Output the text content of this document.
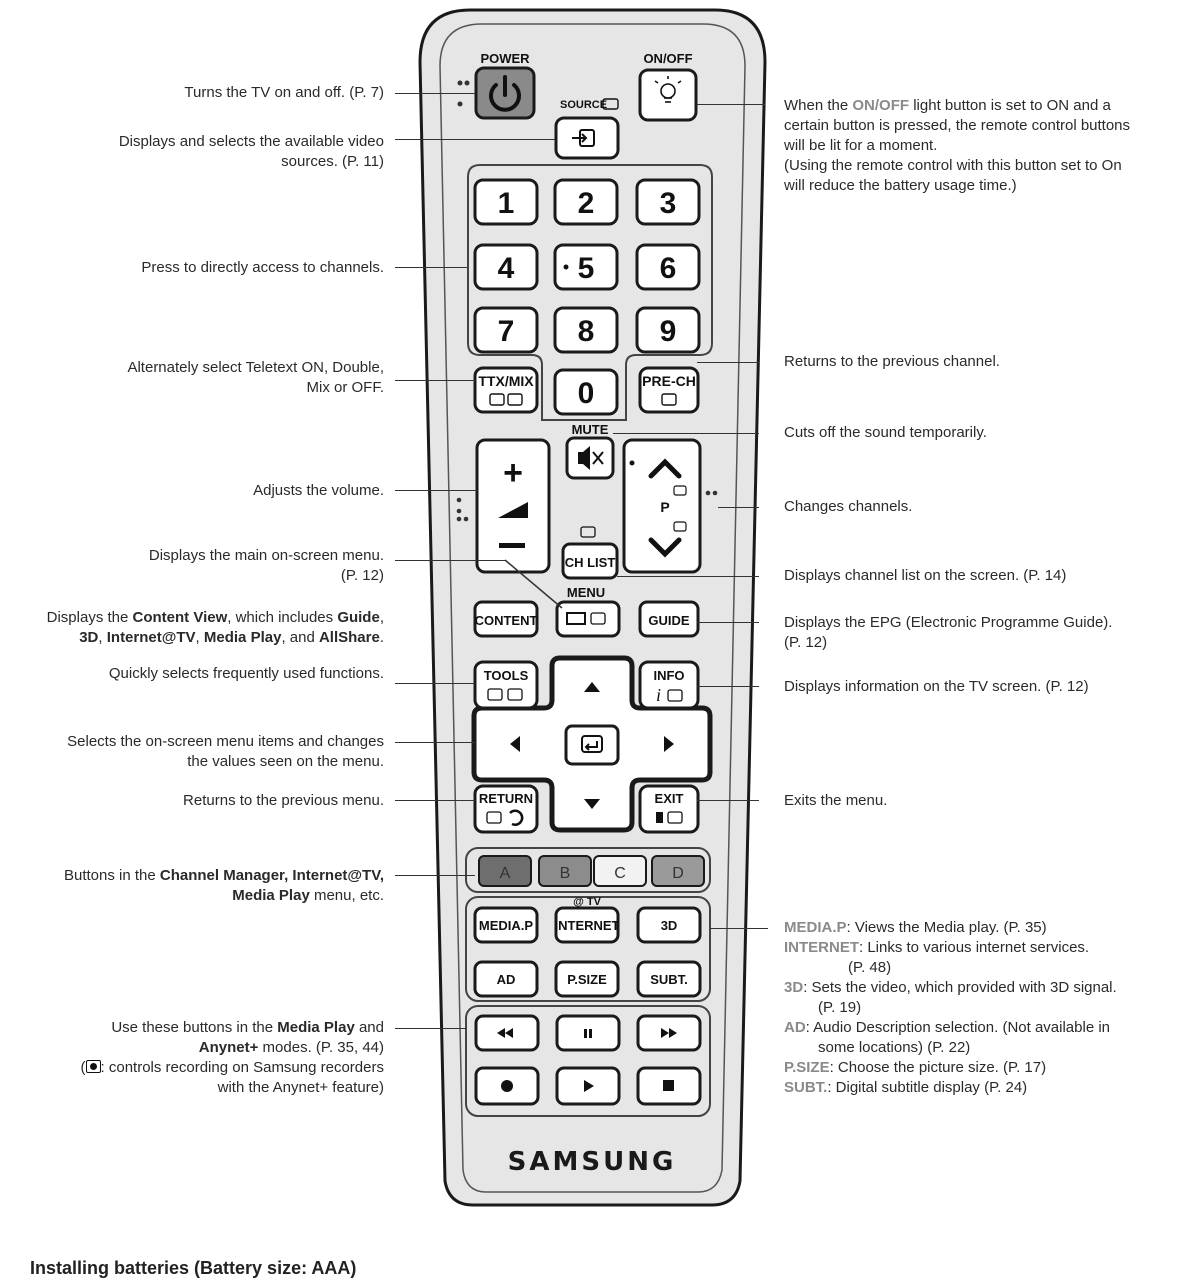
POWER	ON/OFF
SOURCE
1 2 3
4 5 6
7 8 9
0
TTX/MIX	PRE-CH
+
MUTE
P
CH LIST
MENU
CONTENT	GUIDE
TOOLS	INFO
i
RETURN	EXIT
A	B	C	D
@ TV
MEDIA.P INTERNET	3D
AD	P.SIZE	SUBT.
SAMSUNG
Turns the TV on and off. (P. 7)
Displays and selects the available video
sources. (P. 11)
Press to directly access to channels.
Alternately select Teletext ON, Double,
Mix or OFF.
Adjusts the volume.
Displays the main on-screen menu.
(P. 12)
Displays the Content View, which includes Guide,
3D, Internet@TV, Media Play, and AllShare.
Quickly selects frequently used functions.
Selects the on-screen menu items and changes
the values seen on the menu.
Returns to the previous menu.
Buttons in the Channel Manager, Internet@TV,
Media Play menu, etc.
Use these buttons in the Media Play and
Anynet+ modes. (P. 35, 44)
( : controls recording on Samsung recorders
with the Anynet+ feature)
When the ON/OFF light button is set to ON and a
certain button is pressed, the remote control buttons
will be lit for a moment.
(Using the remote control with this button set to On
will reduce the battery usage time.)
Returns to the previous channel.
Cuts off the sound temporarily.
Changes channels.
Displays channel list on the screen. (P. 14)
Displays the EPG (Electronic Programme Guide).
(P. 12)
Displays information on the TV screen. (P. 12)
Exits the menu.
MEDIA.P: Views the Media play. (P. 35)
INTERNET: Links to various internet services.
(P. 48)
3D: Sets the video, which provided with 3D signal.
(P. 19)
AD: Audio Description selection. (Not available in
some locations) (P. 22)
P.SIZE: Choose the picture size. (P. 17)
SUBT.: Digital subtitle display (P. 24)
Installing batteries (Battery size: AAA)
